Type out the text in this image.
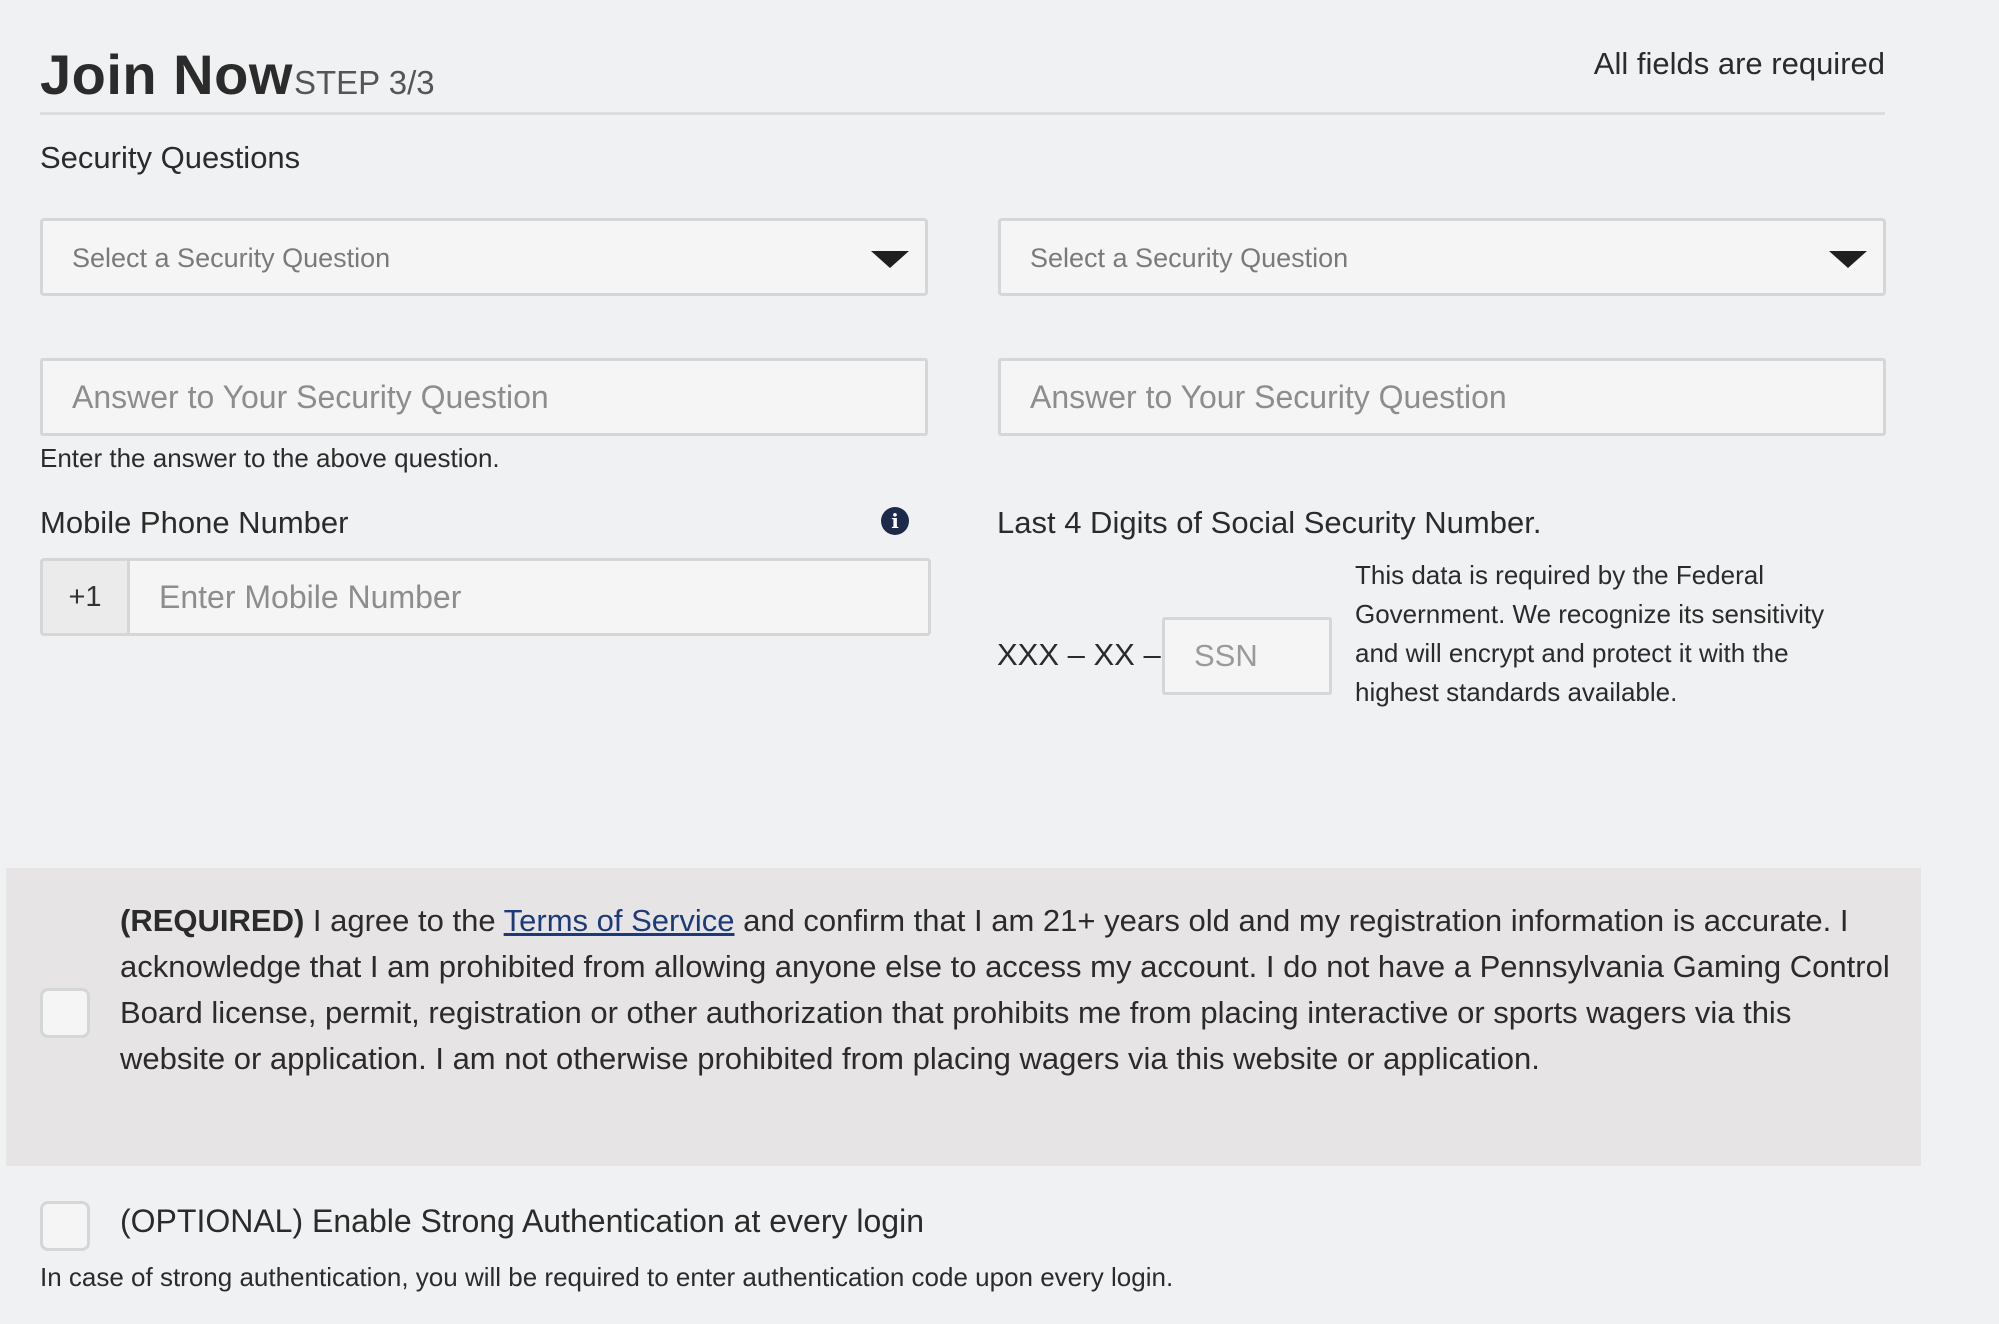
Join Now STEP 3/3
All fields are required
Security Questions
Select a Security Question	Select a Security Question
Answer to Your Security Question
Answer to Your Security Question
Enter the answer to the above question.
Mobile Phone Number	i
+1
Enter Mobile Number
Last 4 Digits of Social Security Number.
XXX – XX –
SSN
This data is required by the Federal Government. We recognize its sensitivity and will encrypt and protect it with the highest standards available.
(REQUIRED) I agree to the Terms of Service and confirm that I am 21+ years old and my registration information is accurate. I acknowledge that I am prohibited from allowing anyone else to access my account. I do not have a Pennsylvania Gaming Control Board license, permit, registration or other authorization that prohibits me from placing interactive or sports wagers via this website or application. I am not otherwise prohibited from placing wagers via this website or application.
(OPTIONAL) Enable Strong Authentication at every login
In case of strong authentication, you will be required to enter authentication code upon every login.
